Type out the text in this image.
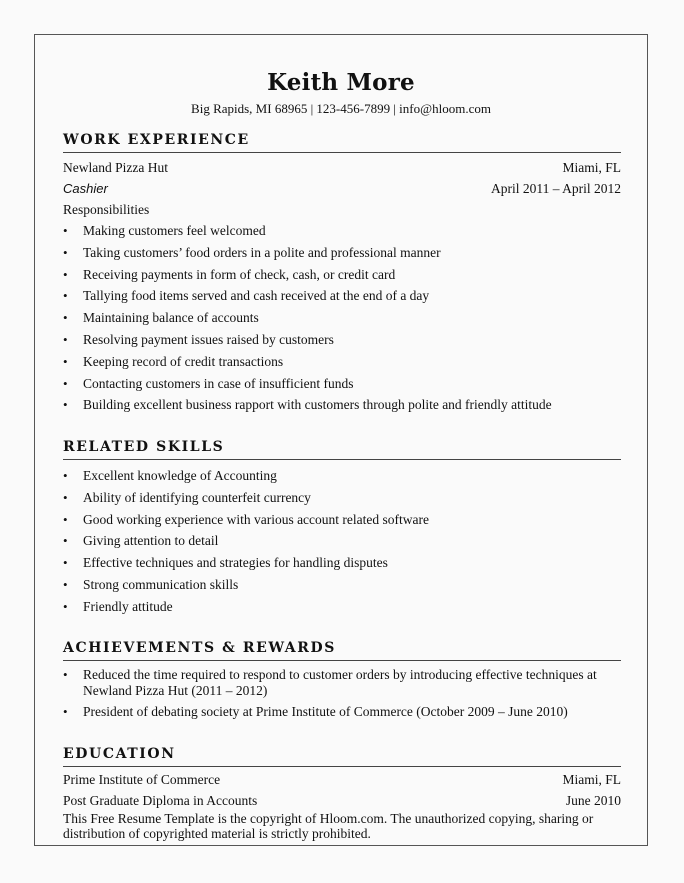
Keith More
Big Rapids, MI 68965 | 123-456-7899 | info@hloom.com
WORK EXPERIENCE
Newland Pizza Hut	Miami, FL
Cashier	April 2011 – April 2012
Responsibilities
• Making customers feel welcomed
• Taking customers’ food orders in a polite and professional manner
• Receiving payments in form of check, cash, or credit card
• Tallying food items served and cash received at the end of a day
• Maintaining balance of accounts
• Resolving payment issues raised by customers
• Keeping record of credit transactions
• Contacting customers in case of insufficient funds
• Building excellent business rapport with customers through polite and friendly attitude
RELATED SKILLS
• Excellent knowledge of Accounting
• Ability of identifying counterfeit currency
• Good working experience with various account related software
• Giving attention to detail
• Effective techniques and strategies for handling disputes
• Strong communication skills
• Friendly attitude
ACHIEVEMENTS & REWARDS
• Reduced the time required to respond to customer orders by introducing effective techniques at Newland Pizza Hut (2011 – 2012)
• President of debating society at Prime Institute of Commerce (October 2009 – June 2010)
EDUCATION
Prime Institute of Commerce	Miami, FL
Post Graduate Diploma in Accounts	June 2010
This Free Resume Template is the copyright of Hloom.com. The unauthorized copying, sharing or distribution of copyrighted material is strictly prohibited.
